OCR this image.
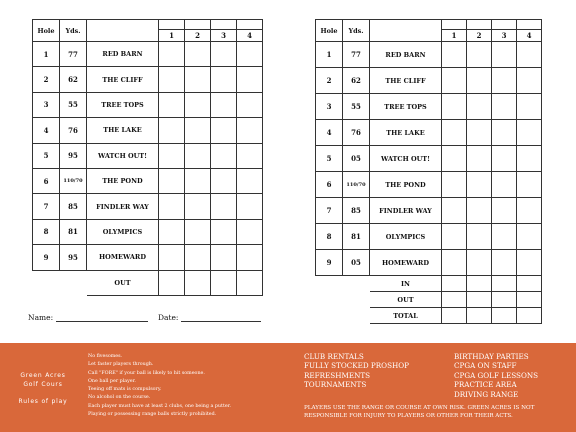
Hole	Yds.					
			1	2	3	4
1	77	RED BARN				
2	62	THE CLIFF				
3	55	TREE TOPS				
4	76	THE LAKE				
5	95	WATCH OUT!				
6	110/70	THE POND				
7	85	FINDLER WAY				
8	81	OLYMPICS				
9	95	HOMEWARD				
		OUT				
Hole	Yds.					
			1	2	3	4
1	77	RED BARN				
2	62	THE CLIFF				
3	55	TREE TOPS				
4	76	THE LAKE				
5	05	WATCH OUT!				
6	110/70	THE POND				
7	85	FINDLER WAY				
8	81	OLYMPICS				
9	05	HOMEWARD				
		IN				
		OUT				
		TOTAL				
Name:	Date:
Green Acres
Golf Cours
Rules of play
No fivesomes.
Let faster players through.
Call "FORE" if your ball is likely to hit someone.
One ball per player.
Teeing off mats is compulsory.
No alcohol on the course.
Each player must have at least 2 clubs, one being a putter.
Playing or possessing range balls strictly prohibited.
CLUB RENTALS
FULLY STOCKED PROSHOP
REFRESHMENTS
TOURNAMENTS
BIRTHDAY PARTIES
CPGA ON STAFF
CPGA GOLF LESSONS
PRACTICE AREA
DRIVING RANGE
PLAYERS USE THE RANGE OR COURSE AT OWN RISK. GREEN ACRES IS NOT RESPONSIBLE FOR INJURY TO PLAYERS OR OTHER FOR THEIR ACTS.
